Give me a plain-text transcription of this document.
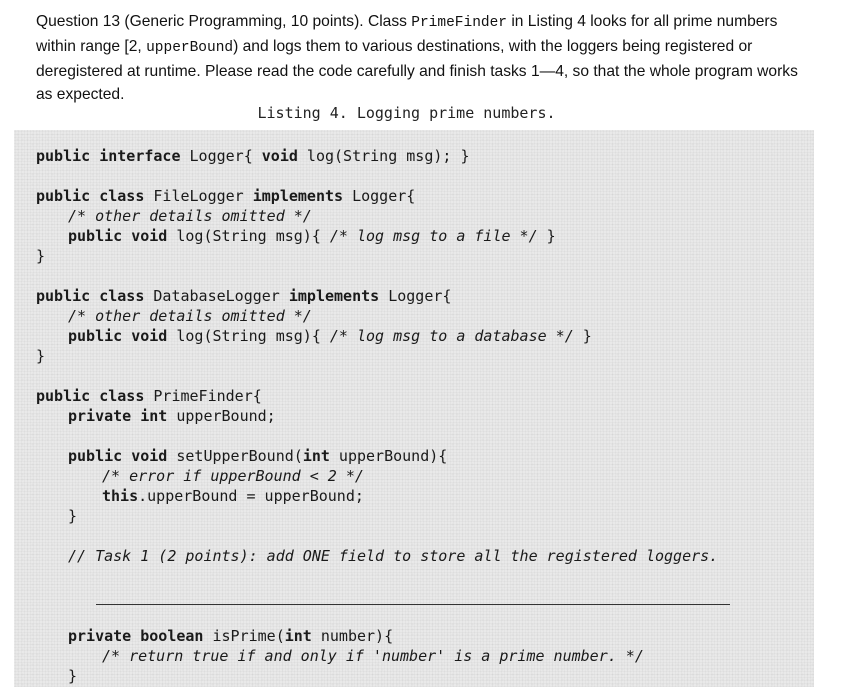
Question 13 (Generic Programming, 10 points). Class PrimeFinder in Listing 4 looks for all prime numbers within range [2, upperBound) and logs them to various destinations, with the loggers being registered or deregistered at runtime. Please read the code carefully and finish tasks 1—4, so that the whole program works as expected.
Listing 4. Logging prime numbers.
public interface Logger{ void log(String msg); }
public class FileLogger implements Logger{
/* other details omitted */
public void log(String msg){ /* log msg to a file */ }
}
public class DatabaseLogger implements Logger{
/* other details omitted */
public void log(String msg){ /* log msg to a database */ }
}
public class PrimeFinder{
private int upperBound;
public void setUpperBound(int upperBound){
/* error if upperBound < 2 */
this.upperBound = upperBound;
}
// Task 1 (2 points): add ONE field to store all the registered loggers.
private boolean isPrime(int number){
/* return true if and only if 'number' is a prime number. */
}
